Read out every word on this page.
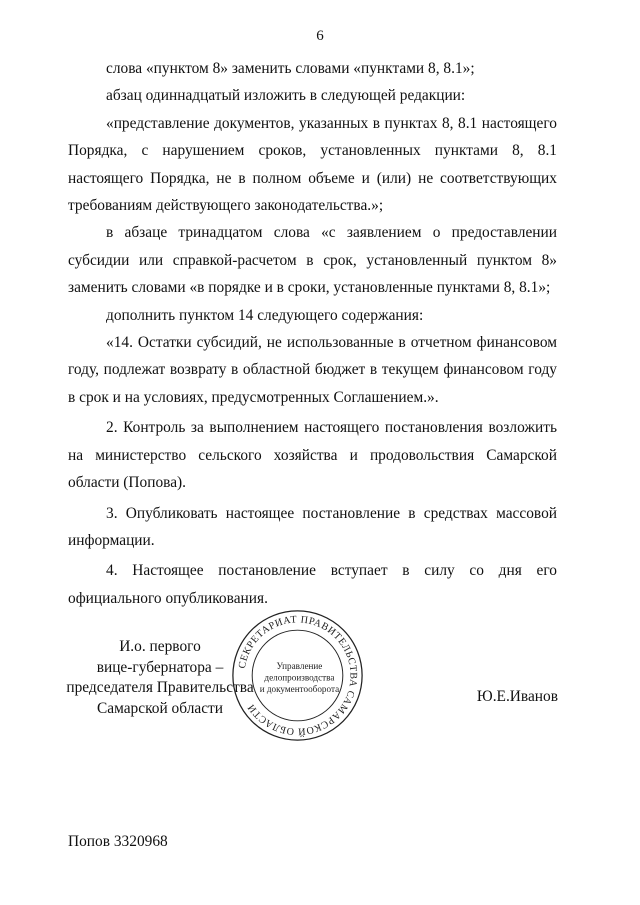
6

слова «пунктом 8» заменить словами «пунктами 8, 8.1»;

абзац одиннадцатый изложить в следующей редакции:

«представление документов, указанных в пунктах 8, 8.1 настоящего Порядка, с нарушением сроков, установленных пунктами 8, 8.1 настоящего Порядка, не в полном объеме и (или) не соответствующих требованиям действующего законодательства.»;

в абзаце тринадцатом слова «с заявлением о предоставлении субсидии или справкой-расчетом в срок, установленный пунктом 8» заменить словами «в порядке и в сроки, установленные пунктами 8, 8.1»;

дополнить пунктом 14 следующего содержания:

«14. Остатки субсидий, не использованные в отчетном финансовом году, подлежат возврату в областной бюджет в текущем финансовом году в срок и на условиях, предусмотренных Соглашением.».

2. Контроль за выполнением настоящего постановления возложить на министерство сельского хозяйства и продовольствия Самарской области (Попова).

3. Опубликовать настоящее постановление в средствах массовой информации.

4. Настоящее постановление вступает в силу со дня его официального опубликования.

И.о. первого
вице-губернатора –
председателя Правительства
Самарской области
СЕКРЕТАРИАТ ПРАВИТЕЛЬСТВА САМАРСКОЙ ОБЛАСТИ
Управление
делопроизводства
и документооборота	Ю.Е.Иванов
Попов 3320968
